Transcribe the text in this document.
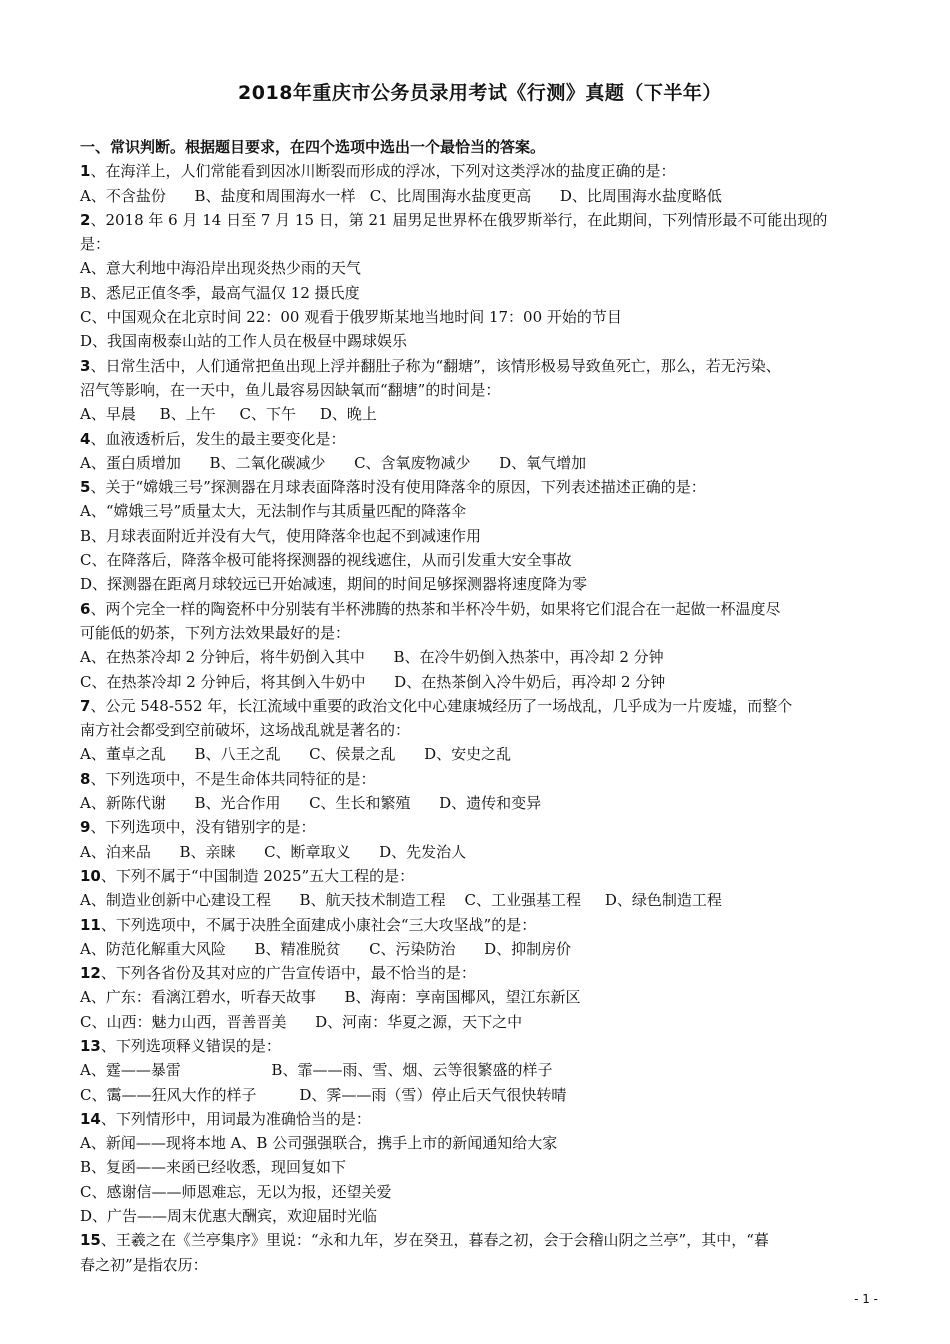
2018年重庆市公务员录用考试《行测》真题（下半年）
一、常识判断。根据题目要求，在四个选项中选出一个最恰当的答案。
1、在海洋上，人们常能看到因冰川断裂而形成的浮冰，下列对这类浮冰的盐度正确的是：
A、不含盐份      B、盐度和周围海水一样   C、比周围海水盐度更高      D、比周围海水盐度略低
2、2018 年 6 月 14 日至 7 月 15 日，第 21 届男足世界杯在俄罗斯举行，在此期间，下列情形最不可能出现的
是：
A、意大利地中海沿岸出现炎热少雨的天气
B、悉尼正值冬季，最高气温仅 12 摄氏度
C、中国观众在北京时间 22：00 观看于俄罗斯某地当地时间 17：00 开始的节目
D、我国南极泰山站的工作人员在极昼中踢球娱乐
3、日常生活中，人们通常把鱼出现上浮并翻肚子称为“翻塘”，该情形极易导致鱼死亡，那么，若无污染、
沼气等影响，在一天中，鱼儿最容易因缺氧而“翻塘”的时间是：
A、早晨     B、上午     C、下午     D、晚上
4、血液透析后，发生的最主要变化是：
A、蛋白质增加      B、二氧化碳减少      C、含氧废物减少      D、氧气增加
5、关于“嫦娥三号”探测器在月球表面降落时没有使用降落伞的原因，下列表述描述正确的是：
A、“嫦娥三号”质量太大，无法制作与其质量匹配的降落伞
B、月球表面附近并没有大气，使用降落伞也起不到减速作用
C、在降落后，降落伞极可能将探测器的视线遮住，从而引发重大安全事故
D、探测器在距离月球较远已开始减速，期间的时间足够探测器将速度降为零
6、两个完全一样的陶瓷杯中分别装有半杯沸腾的热茶和半杯冷牛奶，如果将它们混合在一起做一杯温度尽
可能低的奶茶，下列方法效果最好的是：
A、在热茶冷却 2 分钟后，将牛奶倒入其中      B、在冷牛奶倒入热茶中，再冷却 2 分钟
C、在热茶冷却 2 分钟后，将其倒入牛奶中      D、在热茶倒入冷牛奶后，再冷却 2 分钟
7、公元 548-552 年，长江流域中重要的政治文化中心建康城经历了一场战乱，几乎成为一片废墟，而整个
南方社会都受到空前破坏，这场战乱就是著名的：
A、董卓之乱      B、八王之乱      C、侯景之乱      D、安史之乱
8、下列选项中，不是生命体共同特征的是：
A、新陈代谢      B、光合作用      C、生长和繁殖      D、遗传和变异
9、下列选项中，没有错别字的是：
A、泊来品      B、亲睐      C、断章取义      D、先发治人
10、下列不属于“中国制造 2025”五大工程的是：
A、制造业创新中心建设工程      B、航天技术制造工程    C、工业强基工程     D、绿色制造工程
11、下列选项中，不属于决胜全面建成小康社会“三大攻坚战”的是：
A、防范化解重大风险      B、精准脱贫      C、污染防治      D、抑制房价
12、下列各省份及其对应的广告宣传语中，最不恰当的是：
A、广东：看漓江碧水，听春天故事      B、海南：享南国椰风，望江东新区
C、山西：魅力山西，晋善晋美      D、河南：华夏之源，天下之中
13、下列选项释义错误的是：
A、霆——暴雷                   B、霏——雨、雪、烟、云等很繁盛的样子
C、霭——狂风大作的样子         D、霁——雨（雪）停止后天气很快转晴
14、下列情形中，用词最为准确恰当的是：
A、新闻——现将本地 A、B 公司强强联合，携手上市的新闻通知给大家
B、复函——来函已经收悉，现回复如下
C、感谢信——师恩难忘，无以为报，还望关爱
D、广告——周末优惠大酬宾，欢迎届时光临
15、王羲之在《兰亭集序》里说：“永和九年，岁在癸丑，暮春之初，会于会稽山阴之兰亭”，其中，“暮
春之初”是指农历：
- 1 -
